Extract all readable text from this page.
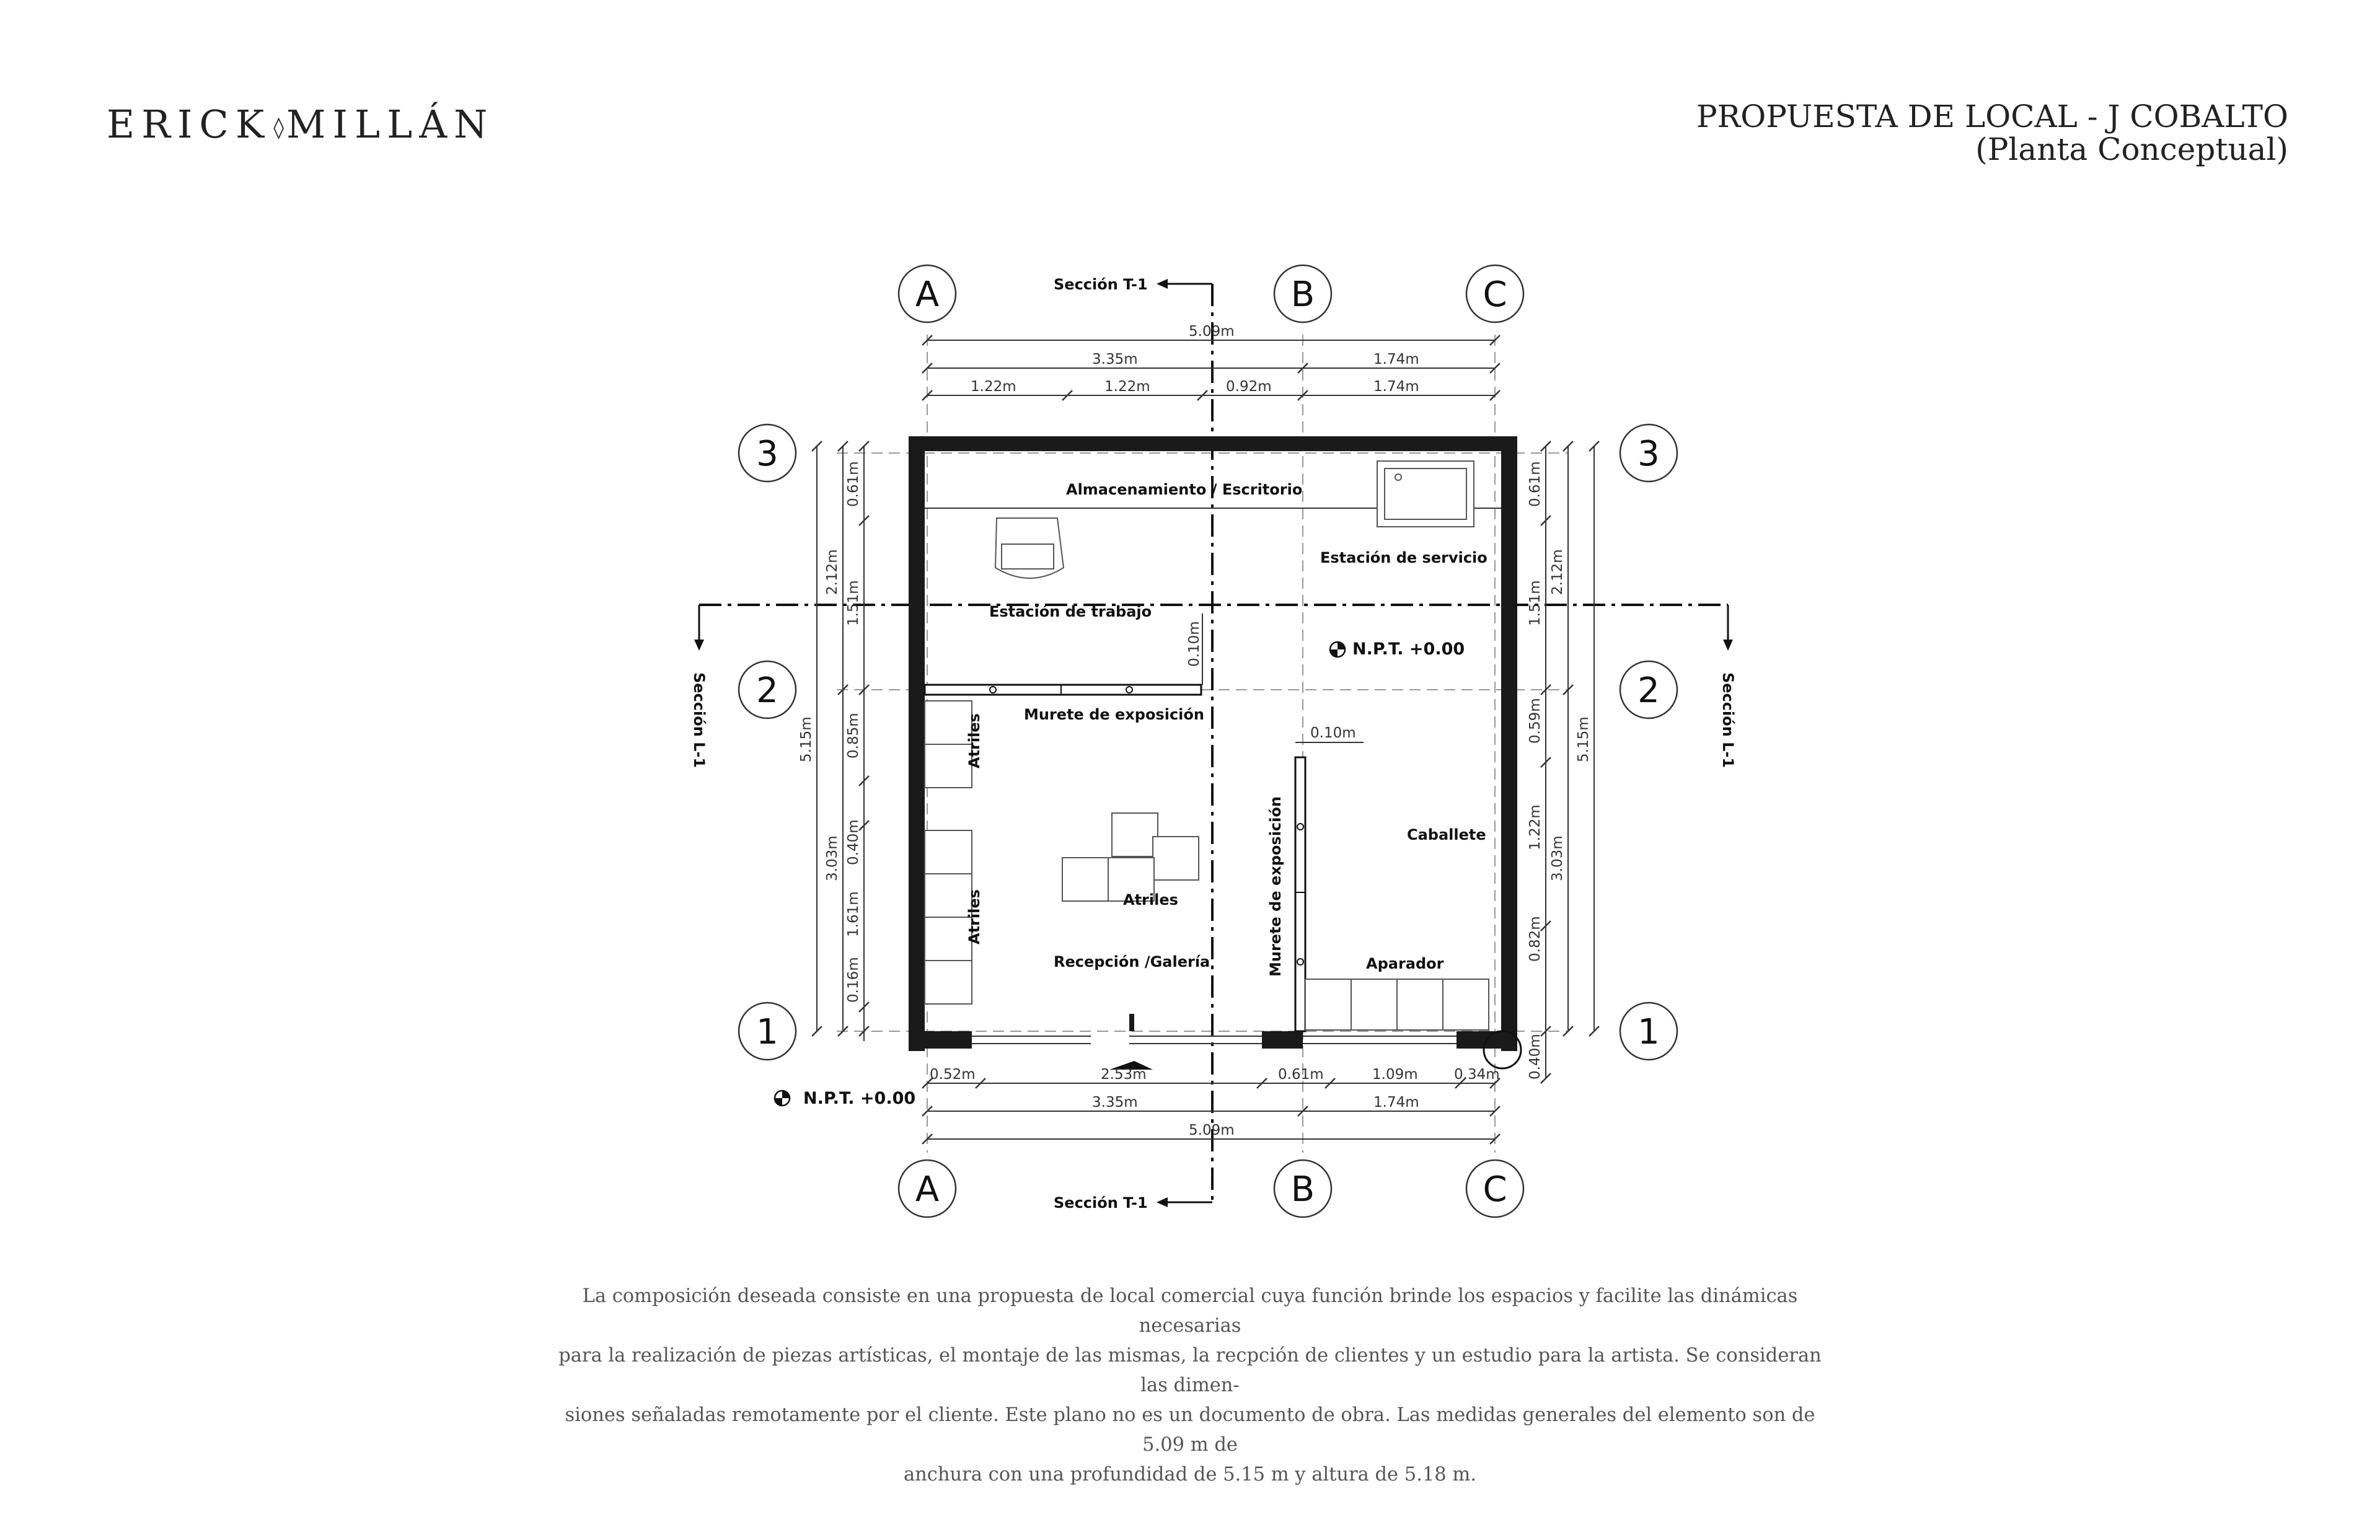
ERICK ◊MILLÁN	PROPUESTA DE LOCAL - J COBALTO
(Planta Conceptual)
Sección T-1
Sección T-1
Sección L-1	Sección L-1
Almacenamiento / Escritorio
Estación de servicio
Estación de trabajo
N.P.T. +0.00
Murete de exposición
Atriles
Atriles
Atriles
Caballete
Recepción /Galería	Murete de exposición	Aparador
N.P.T. +0.00
5.09m
3.35m	1.74m
1.22m	1.22m	0.92m	1.74m
0.52m	2.53m	0.61m	1.09m	0.34m
3.35m	1.74m
5.09m
5.15m
2.12m
3.03m
0.61m
1.51m
0.85m
0.40m
1.61m
0.16m
0.61m
1.51m
0.59m
1.22m
0.82m
0.40m
2.12m
3.03m
5.15m
0.10m
0.10m
A	B	C
A	B	C
3
2
1
3
2
1

La composición deseada consiste en una propuesta de local comercial cuya función brinde los espacios y facilite las dinámicas necesarias

para la realización de piezas artísticas, el montaje de las mismas, la recpción de clientes y un estudio para la artista. Se consideran las dimen-

siones señaladas remotamente por el cliente. Este plano no es un documento de obra. Las medidas generales del elemento son de 5.09 m de

anchura con una profundidad de 5.15 m y altura de 5.18 m.
